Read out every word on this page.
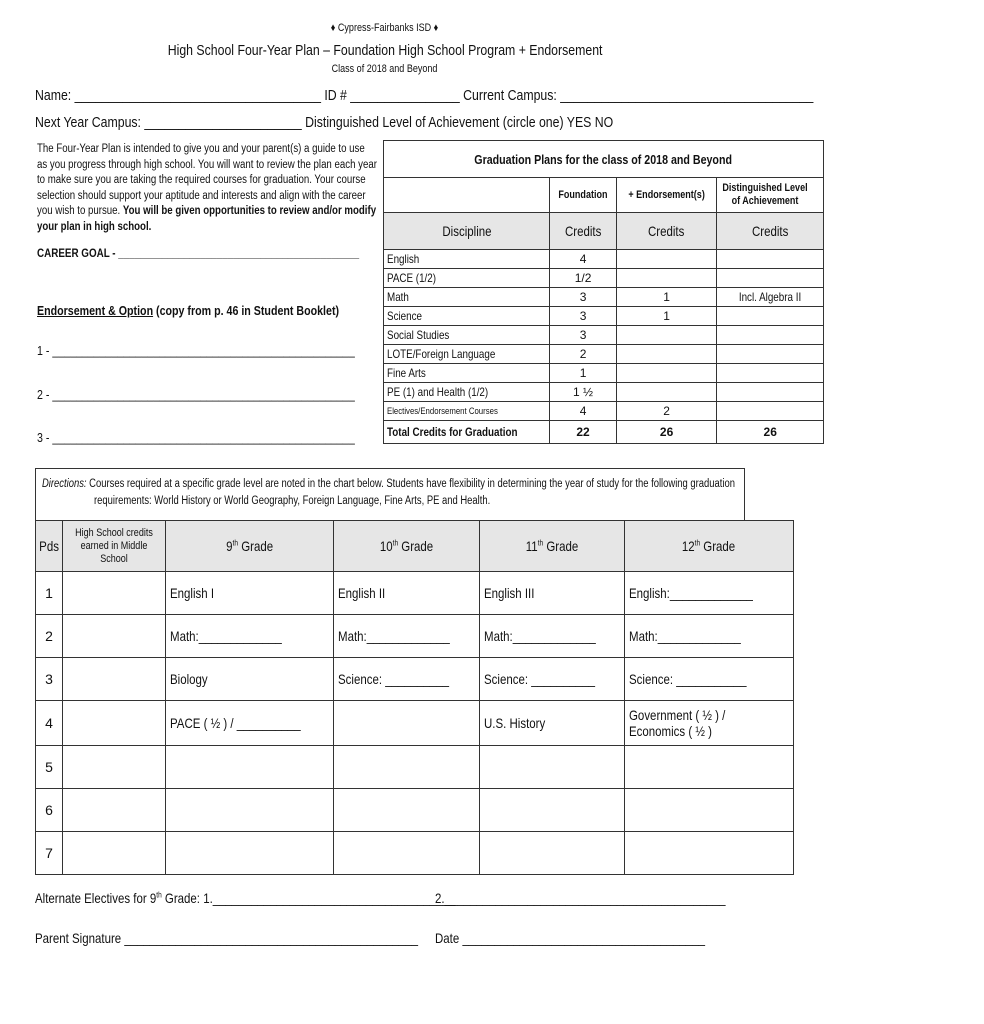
♦ Cypress-Fairbanks ISD ♦
High School Four-Year Plan – Foundation High School Program + Endorsement
Class of 2018 and Beyond
Name: ____________________________________ ID # ________________ Current Campus: _____________________________________
Next Year Campus: _______________________ Distinguished Level of Achievement (circle one) YES NO
The Four-Year Plan is intended to give you and your parent(s) a guide to use as you progress through high school. You will want to review the plan each year to make sure you are taking the required courses for graduation. Your course selection should support your aptitude and interests and align with the career you wish to pursue. You will be given opportunities to review and/or modify your plan in high school.
CAREER GOAL - ____________________________________________
Endorsement & Option (copy from p. 46 in Student Booklet)
1 - ___________________________________________________
2 - ___________________________________________________
3 - ___________________________________________________
Graduation Plans for the class of 2018 and Beyond			
	Foundation	+ Endorsement(s)	Distinguished Level of Achievement
Discipline	Credits	Credits	Credits
English	4		
PACE (1/2)	1/2		
Math	3	1	Incl. Algebra II
Science	3	1	
Social Studies	3		
LOTE/Foreign Language	2		
Fine Arts	1		
PE (1) and Health (1/2)	1 ½		
Electives/Endorsement Courses	4	2	
Total Credits for Graduation	22	26	26
Directions: Courses required at a specific grade level are noted in the chart below. Students have flexibility in determining the year of study for the following graduation
requirements: World History or World Geography, Foreign Language, Fine Arts, PE and Health.
Pds	High School credits earned in Middle School	9th Grade	10th Grade	11th Grade	12th Grade
1		English I	English II	English III	English:_____________
2		Math:_____________	Math:_____________	Math:_____________	Math:_____________
3		Biology	Science: __________	Science: __________	Science: ___________
4		PACE ( ½ ) / __________		U.S. History	Government ( ½ ) / Economics ( ½ )
5					
6					
7					
Alternate Electives for 9th Grade: 1.______________________________________
2.____________________________________________
Parent Signature ______________________________________________	Date ______________________________________
